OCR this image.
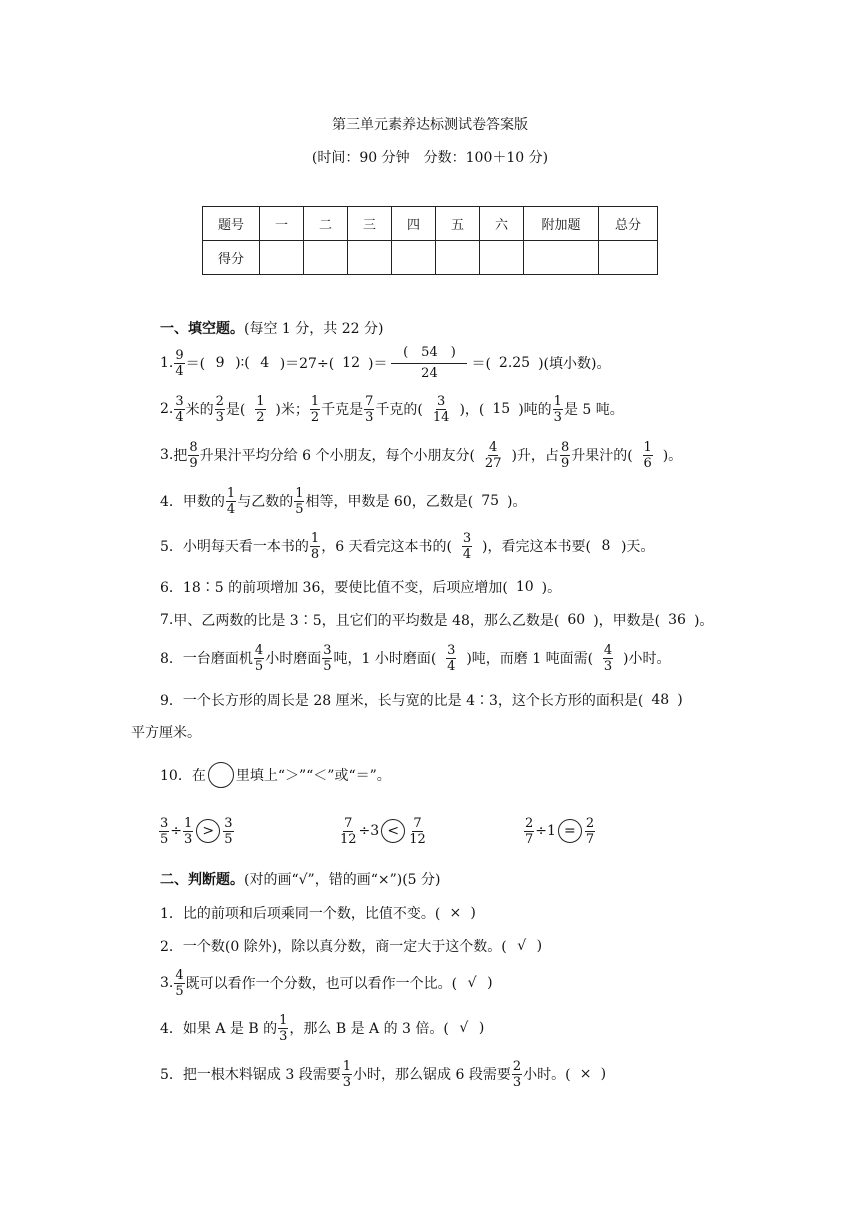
第三单元素养达标测试卷答案版
(时间：90 分钟　分数：100＋10 分)
题号	一	二	三	四	五	六	附加题	总分
得分								
一、填空题。 (每空 1 分，共 22 分)
1. 9
4 ＝( 9 )∶( 4 )＝27÷( 12 )＝
(　54　)
24
＝( 2.25 )(填小数)。
2. 3
4 米的
2
3 是( $\frac{1}{2}$ )米；
1
2 千克是
7
3 千克的( $\frac{3}{14}$ )，( 15 )吨的
1
3 是 5 吨。
3. 把
8
9 升果汁平均分给 6 个小朋友，每个小朋友分( $\frac{4}{27}$ )升，占
8
9 升果汁的( $\frac{1}{6}$ )。
4． 甲数的
1
4 与乙数的
1
5 相等，甲数是 60，乙数是( 75 )。
5． 小明每天看一本书的
1
8 ，6 天看完这本书的( $\frac{3}{4}$ )，看完这本书要( 8 )天。
6． 18∶5 的前项增加 36，要使比值不变，后项应增加( 10 )。
7. 甲、乙两数的比是 3∶5，且它们的平均数是 48，那么乙数是( 60 )，甲数是( 36 )。
8． 一台磨面机
4
5 小时磨面
3
5 吨，1 小时磨面( $\frac{3}{4}$ )吨，而磨 1 吨面需( $\frac{4}{3}$ )小时。
9． 一个长方形的周长是 28 厘米，长与宽的比是 4∶3，这个长方形的面积是( 48 )
平方厘米。
10． 在 里填上“＞”“＜”或“＝”。
$\frac{3}{5} \div \frac{1}{3} > 3$
5	$\frac{7}{12} \div 3$ <	7
12	$\frac{2}{7} \div 1 = \frac{2}{7}$
二、判断题。 (对的画“√”，错的画“×”)(5 分)
1． 比的前项和后项乘同一个数，比值不变。( × )
2． 一个数(0 除外)，除以真分数，商一定大于这个数。( √ )
3. 4
5 既可以看作一个分数，也可以看作一个比。( √ )
4． 如果 A 是 B 的
1
3 ，那么 B 是 A 的 3 倍。( √ )
5． 把一根木料锯成 3 段需要
1
3 小时，那么锯成 6 段需要
2
3 小时。( × )
